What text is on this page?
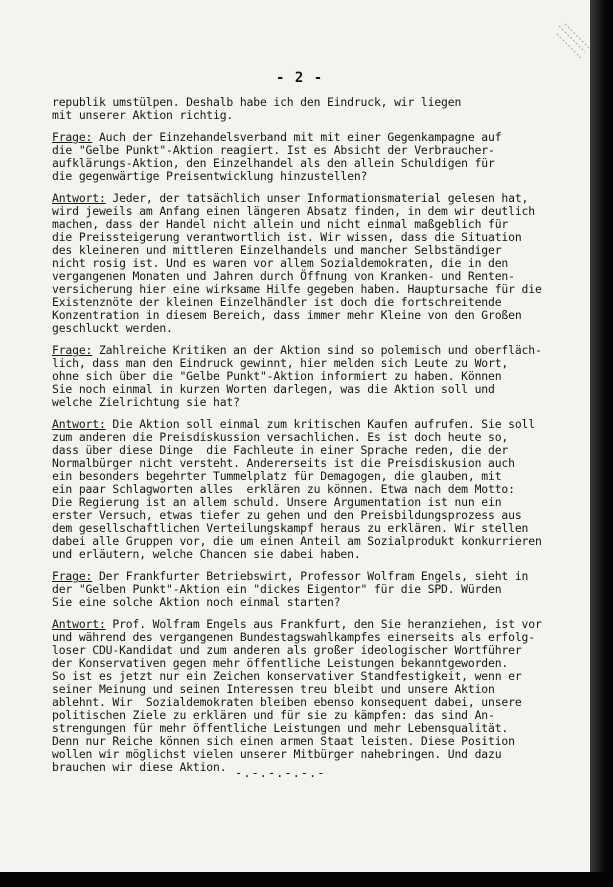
- 2 -
republik umstülpen. Deshalb habe ich den Eindruck, wir liegen
mit unserer Aktion richtig.
Frage: Auch der Einzehandelsverband mit mit einer Gegenkampagne auf
die "Gelbe Punkt"-Aktion reagiert. Ist es Absicht der Verbraucher-
aufklärungs-Aktion, den Einzelhandel als den allein Schuldigen für
die gegenwärtige Preisentwicklung hinzustellen?
Antwort: Jeder, der tatsächlich unser Informationsmaterial gelesen hat,
wird jeweils am Anfang einen längeren Absatz finden, in dem wir deutlich
machen, dass der Handel nicht allein und nicht einmal maßgeblich für
die Preissteigerung verantwortlich ist. Wir wissen, dass die Situation
des kleineren und mittleren Einzelhandels und mancher Selbständiger
nicht rosig ist. Und es waren vor allem Sozialdemokraten, die in den
vergangenen Monaten und Jahren durch Öffnung von Kranken- und Renten-
versicherung hier eine wirksame Hilfe gegeben haben. Hauptursache für die
Existenznöte der kleinen Einzelhändler ist doch die fortschreitende
Konzentration in diesem Bereich, dass immer mehr Kleine von den Großen
geschluckt werden.
Frage: Zahlreiche Kritiken an der Aktion sind so polemisch und oberfläch-
lich, dass man den Eindruck gewinnt, hier melden sich Leute zu Wort,
ohne sich über die "Gelbe Punkt"-Aktion informiert zu haben. Können
Sie noch einmal in kurzen Worten darlegen, was die Aktion soll und
welche Zielrichtung sie hat?
Antwort: Die Aktion soll einmal zum kritischen Kaufen aufrufen. Sie soll
zum anderen die Preisdiskussion versachlichen. Es ist doch heute so,
dass über diese Dinge  die Fachleute in einer Sprache reden, die der
Normalbürger nicht versteht. Andererseits ist die Preisdiskusion auch
ein besonders begehrter Tummelplatz für Demagogen, die glauben, mit
ein paar Schlagworten alles  erklären zu können. Etwa nach dem Motto:
Die Regierung ist an allem schuld. Unsere Argumentation ist nun ein
erster Versuch, etwas tiefer zu gehen und den Preisbildungsprozess aus
dem gesellschaftlichen Verteilungskampf heraus zu erklären. Wir stellen
dabei alle Gruppen vor, die um einen Anteil am Sozialprodukt konkurrieren
und erläutern, welche Chancen sie dabei haben.
Frage: Der Frankfurter Betriebswirt, Professor Wolfram Engels, sieht in
der "Gelben Punkt"-Aktion ein "dickes Eigentor" für die SPD. Würden
Sie eine solche Aktion noch einmal starten?
Antwort: Prof. Wolfram Engels aus Frankfurt, den Sie heranziehen, ist vor
und während des vergangenen Bundestagswahlkampfes einerseits als erfolg-
loser CDU-Kandidat und zum anderen als großer ideologischer Wortführer
der Konservativen gegen mehr öffentliche Leistungen bekanntgeworden.
So ist es jetzt nur ein Zeichen konservativer Standfestigkeit, wenn er
seiner Meinung und seinen Interessen treu bleibt und unsere Aktion
ablehnt. Wir  Sozialdemokraten bleiben ebenso konsequent dabei, unsere
politischen Ziele zu erklären und für sie zu kämpfen: das sind An-
strengungen für mehr öffentliche Leistungen und mehr Lebensqualität.
Denn nur Reiche können sich einen armen Staat leisten. Diese Position
wollen wir möglichst vielen unserer Mitbürger nahebringen. Und dazu
brauchen wir diese Aktion. -.-.-.-.-.-
